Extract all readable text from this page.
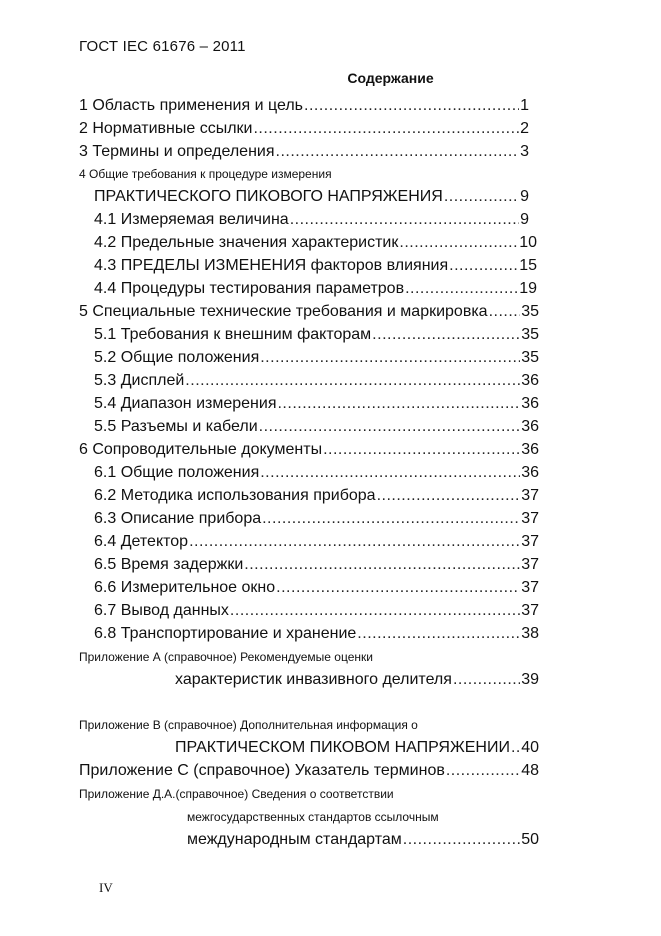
ГОСТ IEC 61676 – 2011
Содержание
1 Область применения и цель .....	1
2 Нормативные ссылки .....	2
3 Термины и определения .....	3
4 Общие требования к процедуре измерения
ПРАКТИЧЕСКОГО ПИКОВОГО НАПРЯЖЕНИЯ .....	9
4.1 Измеряемая величина .....	9
4.2 Предельные значения характеристик .....	10
4.3 ПРЕДЕЛЫ ИЗМЕНЕНИЯ факторов влияния .....	15
4.4 Процедуры тестирования параметров .....	19
5 Специальные технические требования и маркировка ..... 35
5.1 Требования к внешним факторам .....	35
5.2 Общие положения .....	35
5.3 Дисплей .....	36
5.4 Диапазон измерения .....	36
5.5 Разъемы и кабели .....	36
6 Сопроводительные документы .....	36
6.1 Общие положения .....	36
6.2 Методика использования прибора .....	37
6.3 Описание прибора .....	37
6.4 Детектор .....	37
6.5 Время задержки .....	37
6.6 Измерительное окно .....	37
6.7 Вывод данных .....	37
6.8 Транспортирование и хранение .....	38
Приложение А (справочное) Рекомендуемые оценки
характеристик инвазивного делителя .....	39
Приложение В (справочное) Дополнительная информация о
ПРАКТИЧЕСКОМ ПИКОВОМ НАПРЯЖЕНИИ ..... 40
Приложение С (справочное) Указатель терминов .....	48
Приложение Д.А.(справочное) Сведения о соответствии
межгосударственных стандартов ссылочным
международным стандартам .....	50
IV
